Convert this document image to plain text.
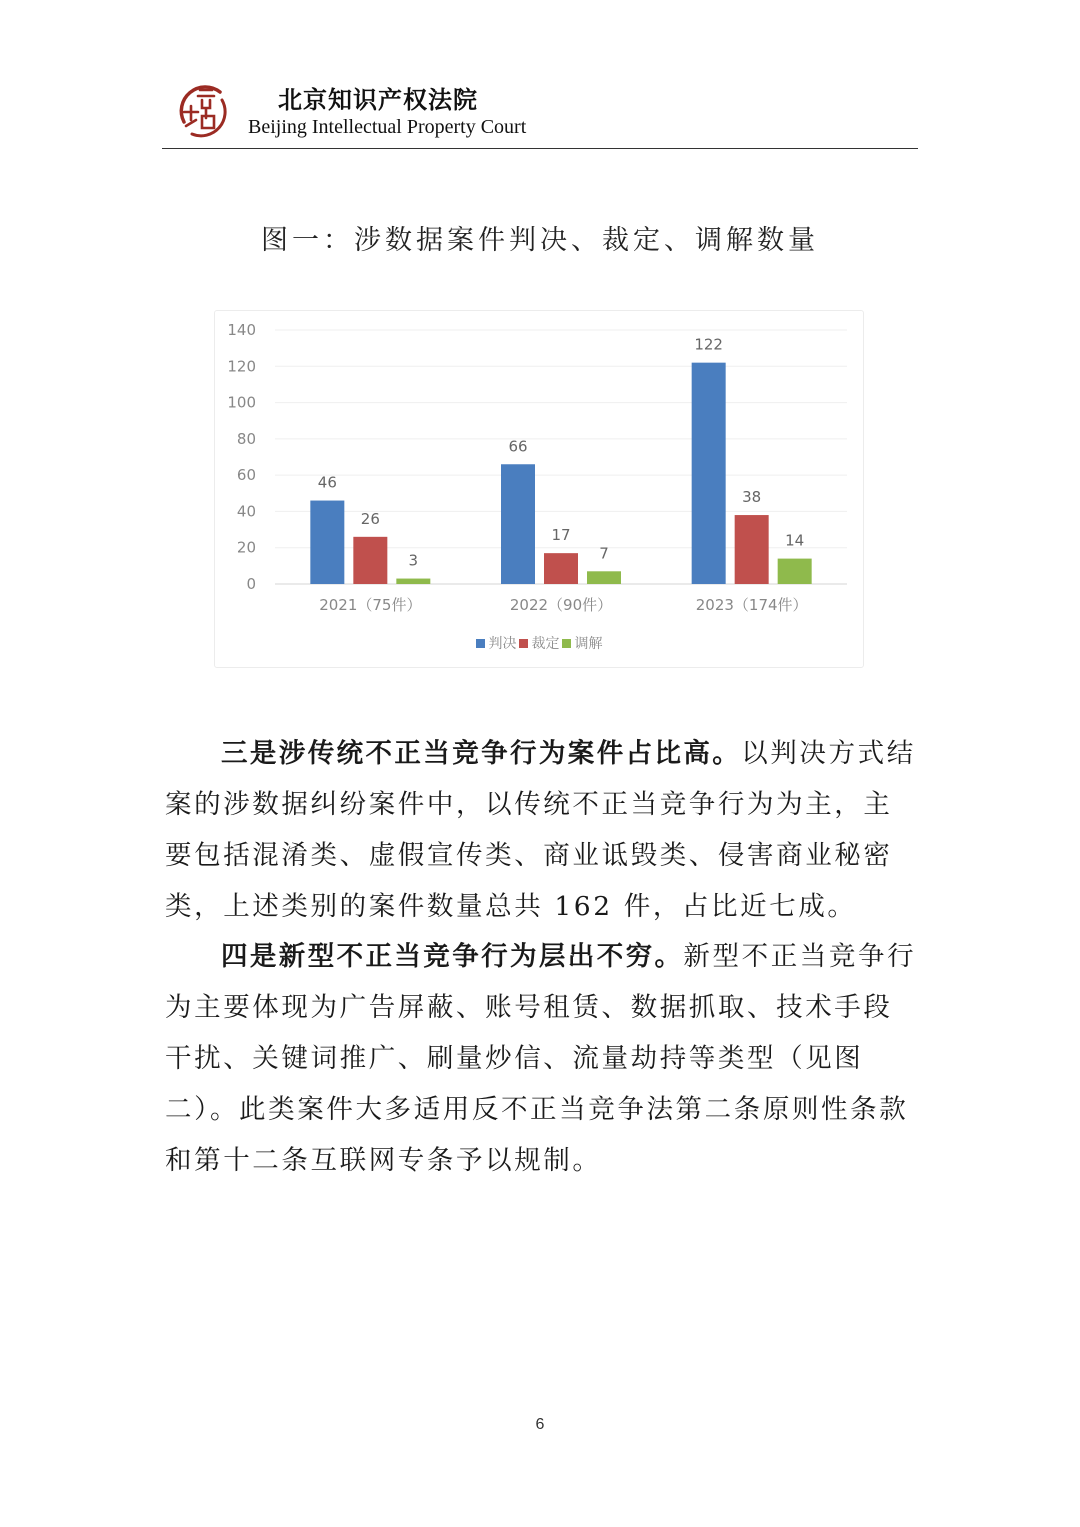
北京知识产权法院
Beijing Intellectual Property Court
图一：涉数据案件判决、裁定、调解数量
0
20
40
60
80
100
120
140
46
26
3
2021（75件）
66
17
7
2022（90件）
122
38
14
2023（174件）
判决 裁定 调解

三是涉传统不正当竞争行为案件占比高。以判决方式结案的涉数据纠纷案件中，以传统不正当竞争行为为主，主要包括混淆类、虚假宣传类、商业诋毁类、侵害商业秘密类，上述类别的案件数量总共 162 件，占比近七成。

四是新型不正当竞争行为层出不穷。新型不正当竞争行为主要体现为广告屏蔽、账号租赁、数据抓取、技术手段干扰、关键词推广、刷量炒信、流量劫持等类型（见图二）。此类案件大多适用反不正当竞争法第二条原则性条款和第十二条互联网专条予以规制。

6
